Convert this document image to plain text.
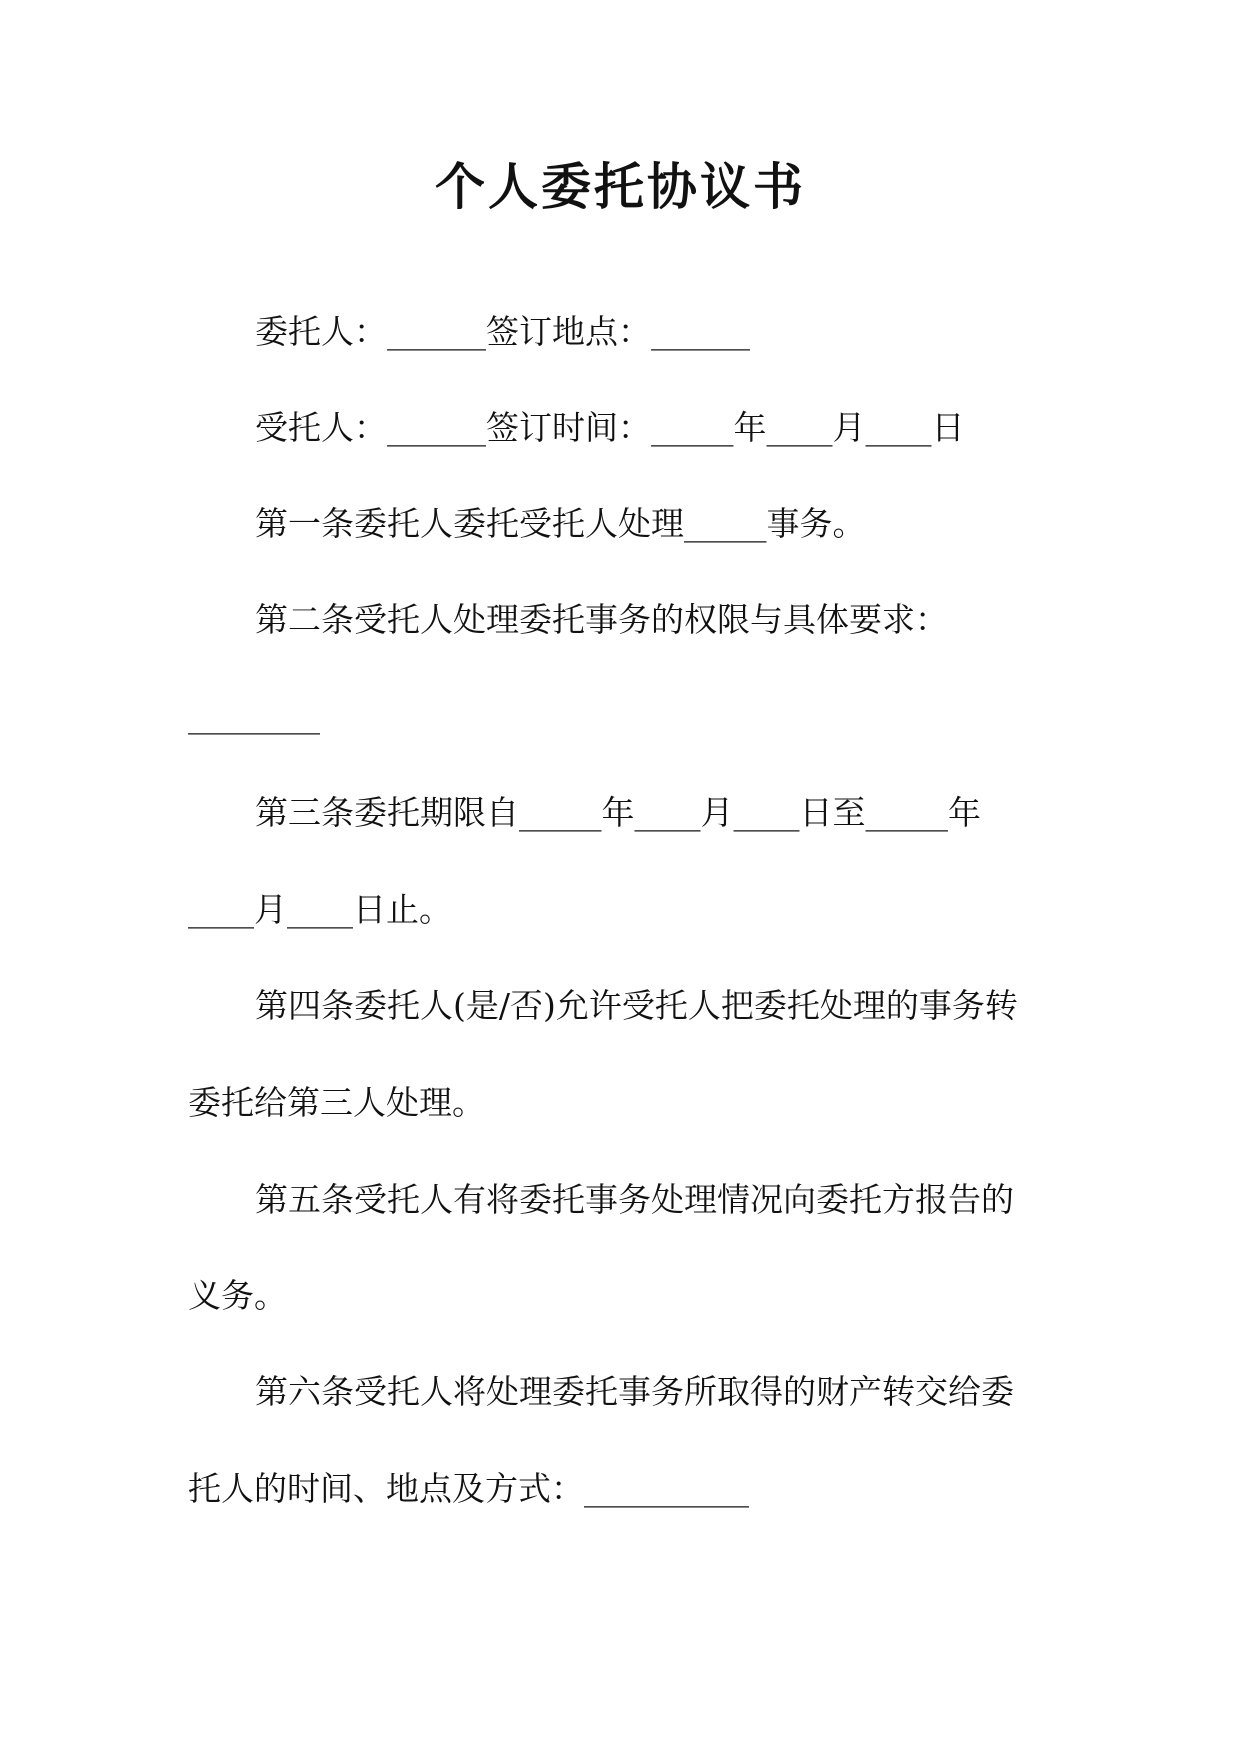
个人委托协议书

委托人：______签订地点：______

受托人：______签订时间：_____年____月____日

第一条委托人委托受托人处理_____事务。

第二条受托人处理委托事务的权限与具体要求：

________

第三条委托期限自_____年____月____日至_____年

____月____日止。

第四条委托人(是/否)允许受托人把委托处理的事务转

委托给第三人处理。

第五条受托人有将委托事务处理情况向委托方报告的

义务。

第六条受托人将处理委托事务所取得的财产转交给委

托人的时间、地点及方式：__________
